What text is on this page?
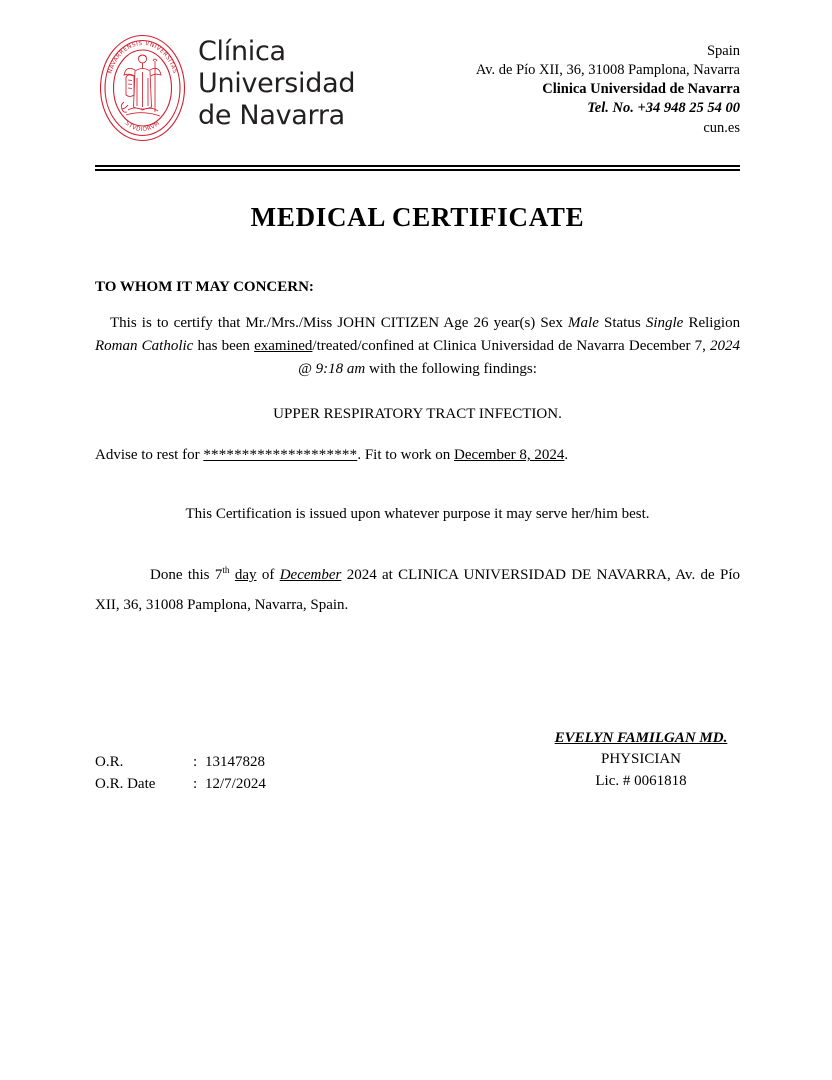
NAVARRENSIS VNIVERSITAS
STVDIORVM
Clínica
Universidad
de Navarra
Spain
Av. de Pío XII, 36, 31008 Pamplona, Navarra
Clinica Universidad de Navarra
Tel. No. +34 948 25 54 00
cun.es
MEDICAL CERTIFICATE
TO WHOM IT MAY CONCERN:
This is to certify that Mr./Mrs./Miss JOHN CITIZEN Age 26 year(s) Sex Male Status Single Religion Roman Catholic has been examined/treated/confined at Clinica Universidad de Navarra December 7, 2024 @ 9:18 am with the following findings:
UPPER RESPIRATORY TRACT INFECTION.
Advise to rest for ********************. Fit to work on December 8, 2024.
This Certification is issued upon whatever purpose it may serve her/him best.
Done this 7th day of December 2024 at CLINICA UNIVERSIDAD DE NAVARRA, Av. de Pío XII, 36, 31008 Pamplona, Navarra, Spain.
O.R.	: 13147828
O.R. Date	: 12/7/2024
EVELYN FAMILGAN MD.
PHYSICIAN
Lic. # 0061818
